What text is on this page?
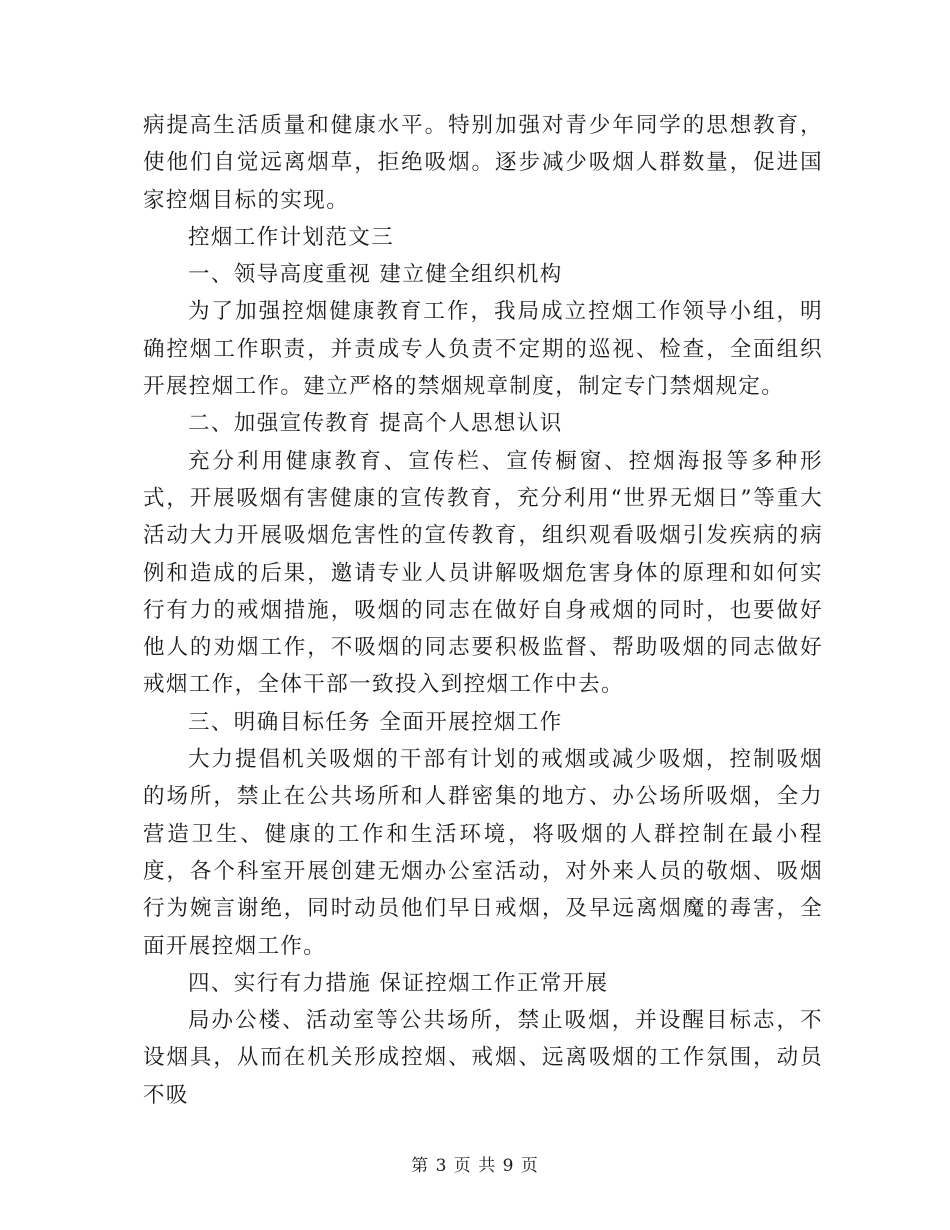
病提高生活质量和健康水平。特别加强对青少年同学的思想教育，使他们自觉远离烟草，拒绝吸烟。逐步减少吸烟人群数量，促进国家控烟目标的实现。

控烟工作计划范文三

一、领导高度重视 建立健全组织机构

为了加强控烟健康教育工作，我局成立控烟工作领导小组，明确控烟工作职责，并责成专人负责不定期的巡视、检查，全面组织开展控烟工作。建立严格的禁烟规章制度，制定专门禁烟规定。

二、加强宣传教育 提高个人思想认识

充分利用健康教育、宣传栏、宣传橱窗、控烟海报等多种形式，开展吸烟有害健康的宣传教育，充分利用“世界无烟日”等重大活动大力开展吸烟危害性的宣传教育，组织观看吸烟引发疾病的病例和造成的后果，邀请专业人员讲解吸烟危害身体的原理和如何实行有力的戒烟措施，吸烟的同志在做好自身戒烟的同时，也要做好他人的劝烟工作，不吸烟的同志要积极监督、帮助吸烟的同志做好戒烟工作，全体干部一致投入到控烟工作中去。

三、明确目标任务 全面开展控烟工作

大力提倡机关吸烟的干部有计划的戒烟或减少吸烟，控制吸烟的场所，禁止在公共场所和人群密集的地方、办公场所吸烟，全力营造卫生、健康的工作和生活环境，将吸烟的人群控制在最小程度，各个科室开展创建无烟办公室活动，对外来人员的敬烟、吸烟行为婉言谢绝，同时动员他们早日戒烟，及早远离烟魔的毒害，全面开展控烟工作。

四、实行有力措施 保证控烟工作正常开展

局办公楼、活动室等公共场所，禁止吸烟，并设醒目标志，不设烟具，从而在机关形成控烟、戒烟、远离吸烟的工作氛围，动员不吸

第 3 页 共 9 页
